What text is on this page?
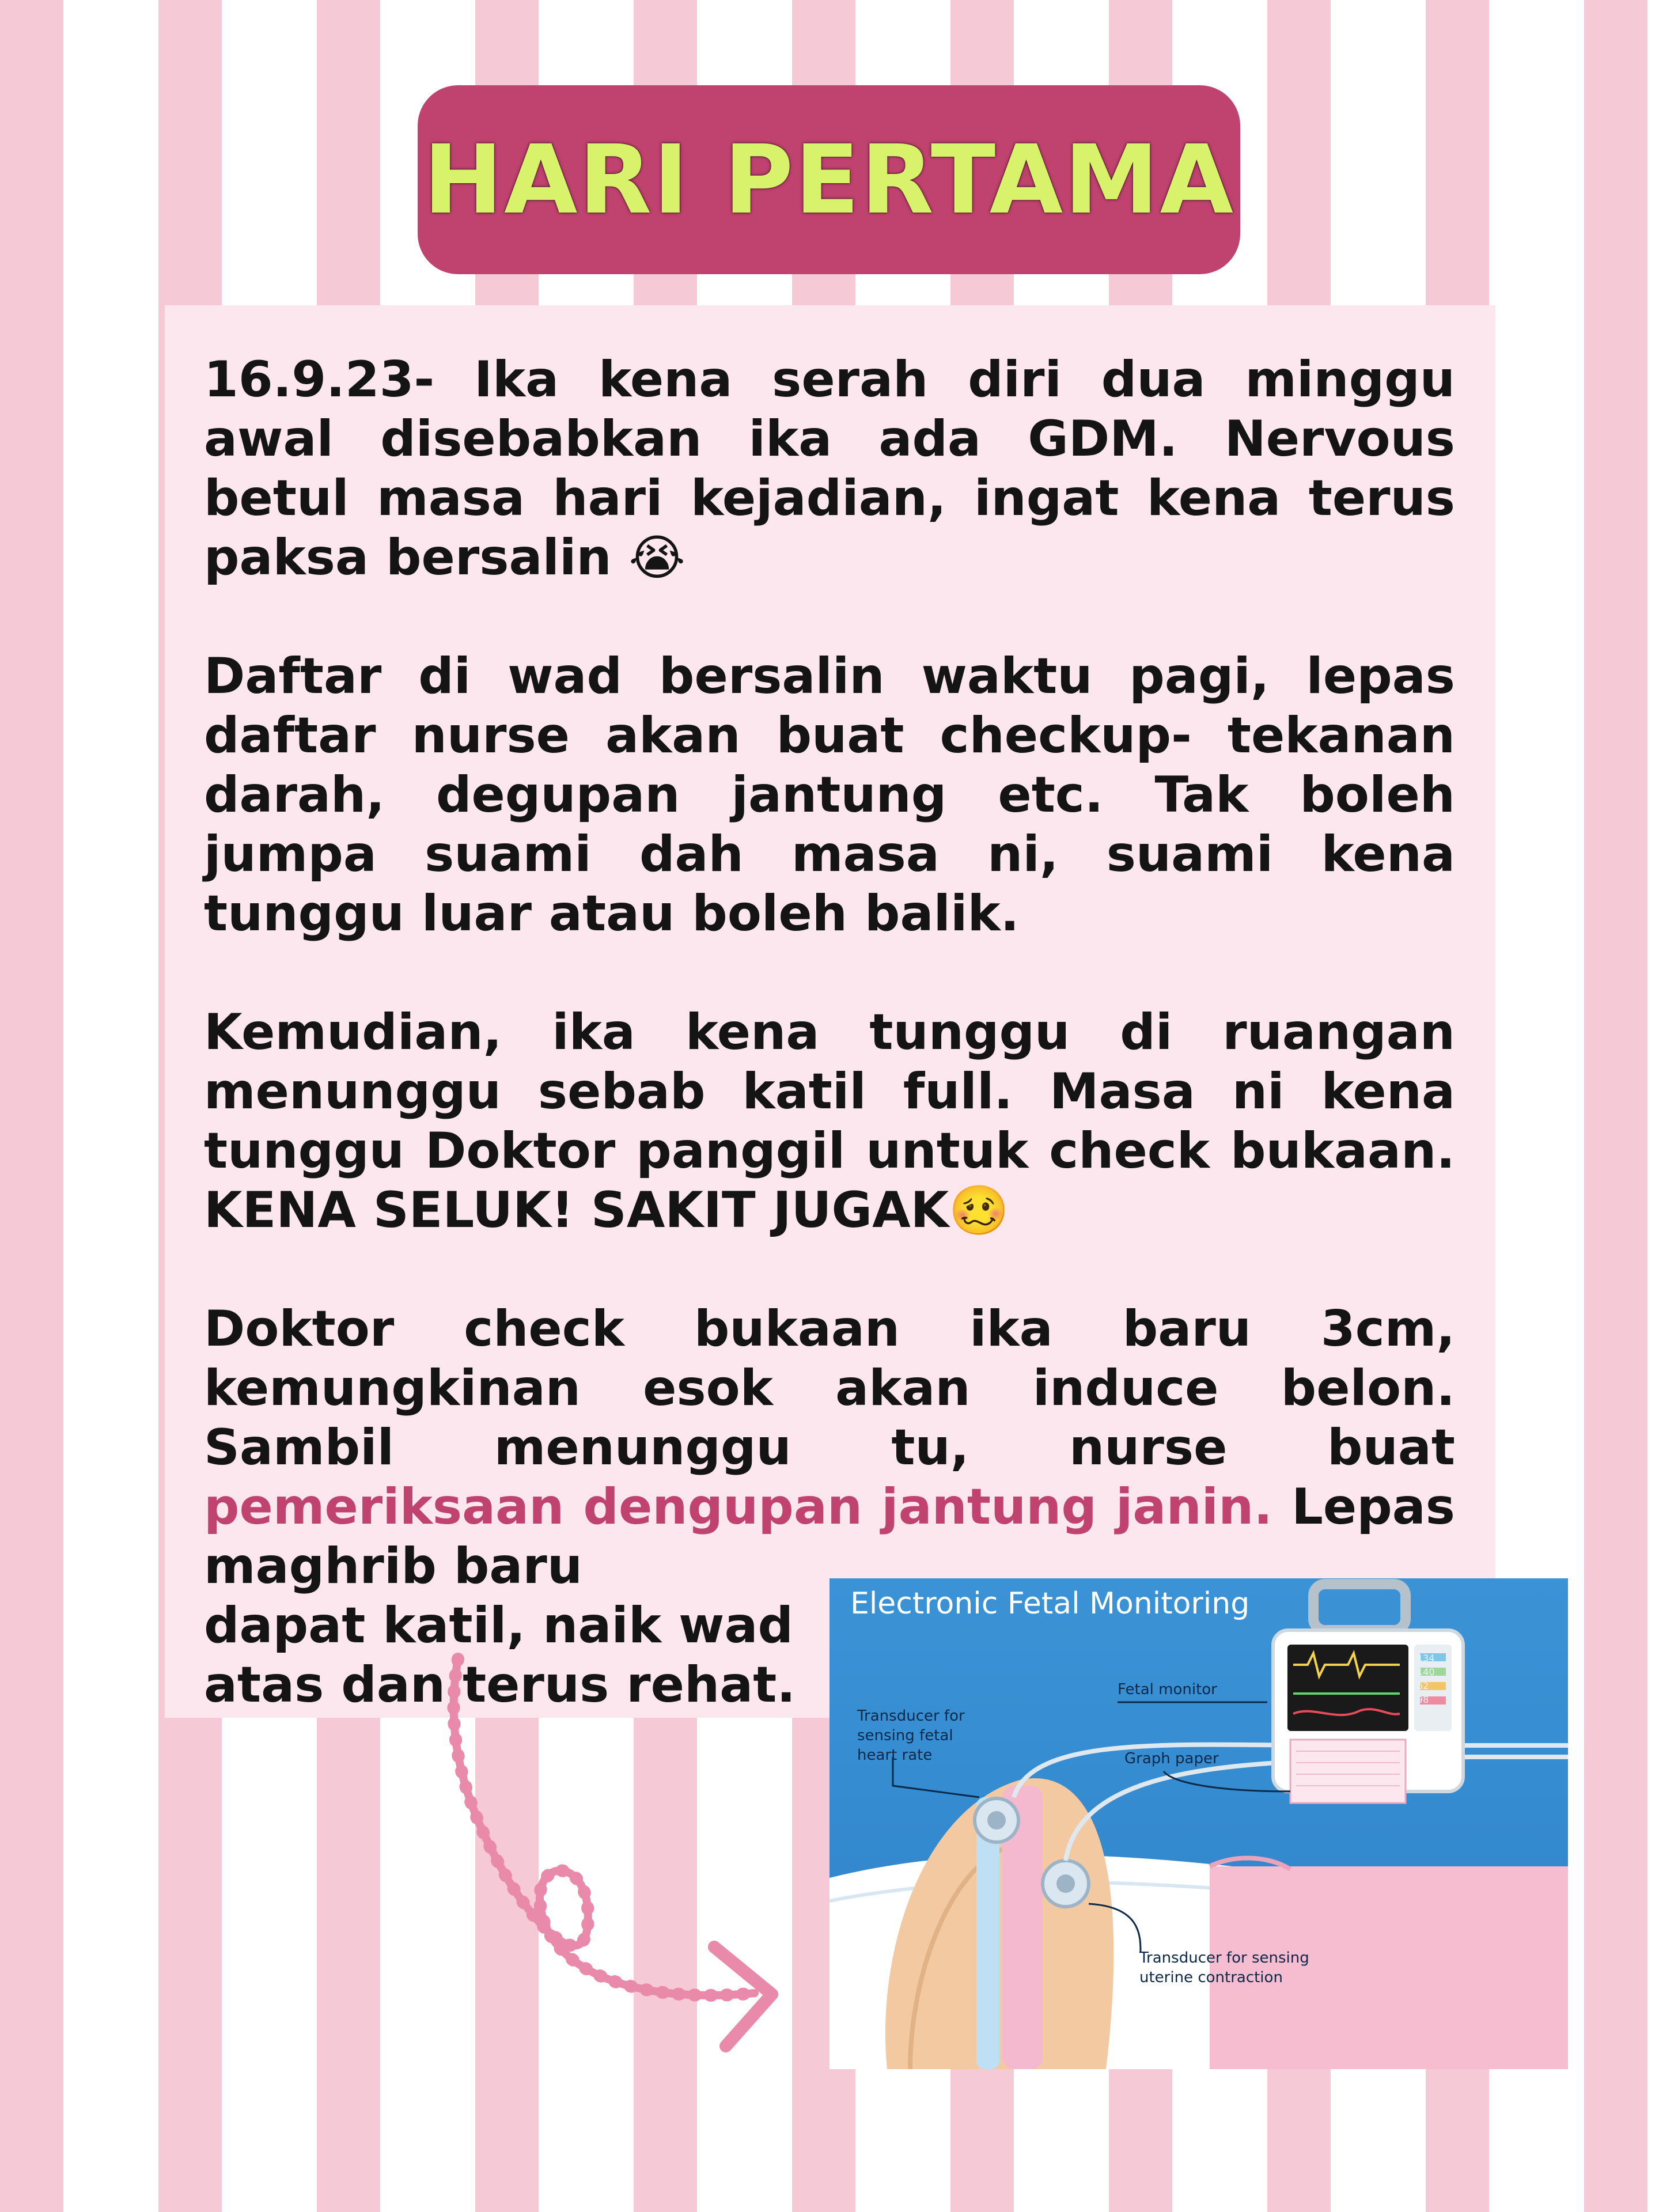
HARI PERTAMA

16.9.23- Ika kena serah diri dua minggu awal disebabkan ika ada GDM. Nervous betul masa hari kejadian, ingat kena terus paksa bersalin 😭

Daftar di wad bersalin waktu pagi, lepas daftar nurse akan buat checkup- tekanan darah, degupan jantung etc. Tak boleh jumpa suami dah masa ni, suami kena tunggu luar atau boleh balik.

Kemudian, ika kena tunggu di ruangan menunggu sebab katil full. Masa ni kena tunggu Doktor panggil untuk check bukaan. KENA SELUK! SAKIT JUGAK🥴

Doktor check bukaan ika baru 3cm, kemungkinan esok akan induce belon. Sambil menunggu tu, nurse buat pemeriksaan dengupan jantung janin. Lepas maghrib baru

dapat katil, naik wad
atas dan terus rehat.
Electronic Fetal Monitoring
Transducer for sensing fetal heart rate
Fetal monitor
Graph paper
Transducer for sensing uterine contraction
134
140
62
98
